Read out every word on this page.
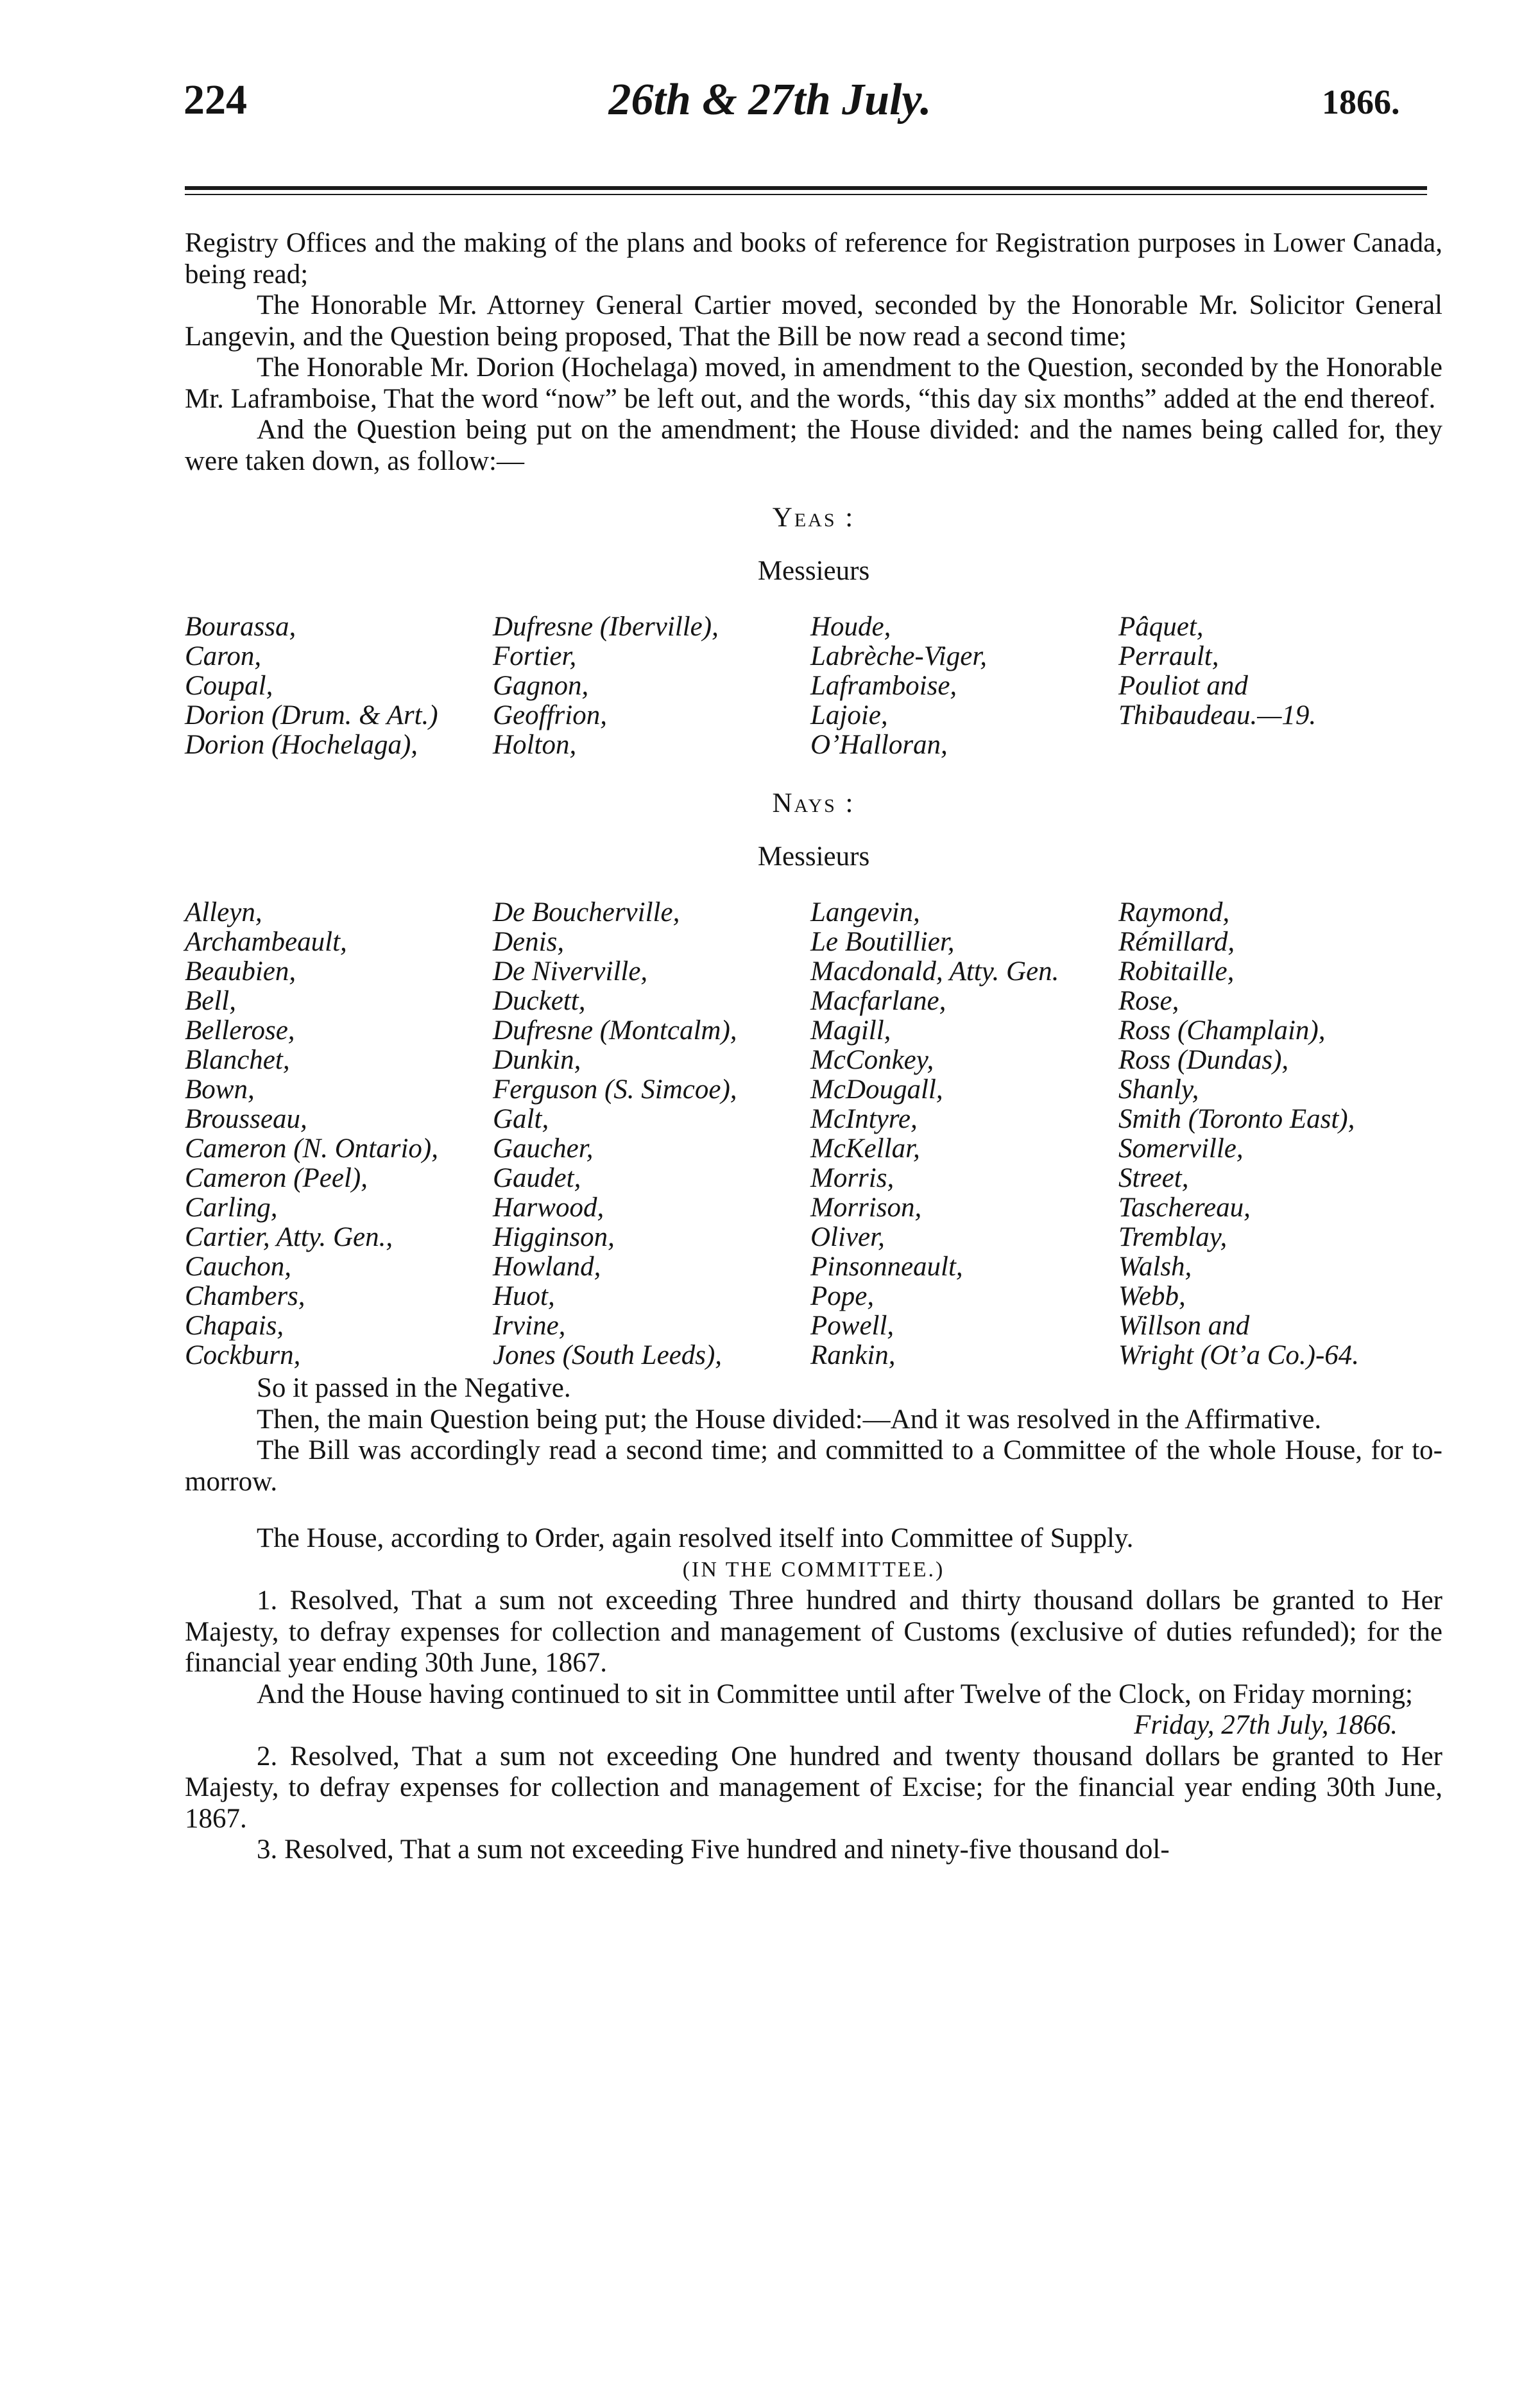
224	26th & 27th July.	1866.

Registry Offices and the making of the plans and books of reference for Registration purposes in Lower Canada, being read;

The Honorable Mr. Attorney General Cartier moved, seconded by the Honorable Mr. Solicitor General Langevin, and the Question being proposed, That the Bill be now read a second time;

The Honorable Mr. Dorion (Hochelaga) moved, in amendment to the Question, seconded by the Honorable Mr. Laframboise, That the word “now” be left out, and the words, “this day six months” added at the end thereof.

And the Question being put on the amendment; the House divided: and the names being called for, they were taken down, as follow:—

Yeas :

Messieurs

Bourassa,	Dufresne (Iberville),	Houde,	Pâquet,
Caron,	Fortier,	Labrèche-Viger,	Perrault,
Coupal,	Gagnon,	Laframboise,	Pouliot and
Dorion (Drum. & Art.)	Geoffrion,	Lajoie,	Thibaudeau.—19.
Dorion (Hochelaga),	Holton,	O’Halloran,

Nays :

Messieurs

Alleyn,	De Boucherville,	Langevin,	Raymond,
Archambeault,	Denis,	Le Boutillier,	Rémillard,
Beaubien,	De Niverville,	Macdonald, Atty. Gen.	Robitaille,
Bell,	Duckett,	Macfarlane,	Rose,
Bellerose,	Dufresne (Montcalm),	Magill,	Ross (Champlain),
Blanchet,	Dunkin,	McConkey,	Ross (Dundas),
Bown,	Ferguson (S. Simcoe),	McDougall,	Shanly,
Brousseau,	Galt,	McIntyre,	Smith (Toronto East),
Cameron (N. Ontario),	Gaucher,	McKellar,	Somerville,
Cameron (Peel),	Gaudet,	Morris,	Street,
Carling,	Harwood,	Morrison,	Taschereau,
Cartier, Atty. Gen.,	Higginson,	Oliver,	Tremblay,
Cauchon,	Howland,	Pinsonneault,	Walsh,
Chambers,	Huot,	Pope,	Webb,
Chapais,	Irvine,	Powell,	Willson and
Cockburn,	Jones (South Leeds),	Rankin,	Wright (Ot’a Co.)-64.

So it passed in the Negative.

Then, the main Question being put; the House divided:—And it was resolved in the Affirmative.

The Bill was accordingly read a second time; and committed to a Committee of the whole House, for to-morrow.

The House, according to Order, again resolved itself into Committee of Supply.

(IN THE COMMITTEE.)

1. Resolved, That a sum not exceeding Three hundred and thirty thousand dollars be granted to Her Majesty, to defray expenses for collection and management of Customs (exclusive of duties refunded); for the financial year ending 30th June, 1867.

And the House having continued to sit in Committee until after Twelve of the Clock, on Friday morning;

Friday, 27th July, 1866.

2. Resolved, That a sum not exceeding One hundred and twenty thousand dollars be granted to Her Majesty, to defray expenses for collection and management of Excise; for the financial year ending 30th June, 1867.

3. Resolved, That a sum not exceeding Five hundred and ninety-five thousand dol-
